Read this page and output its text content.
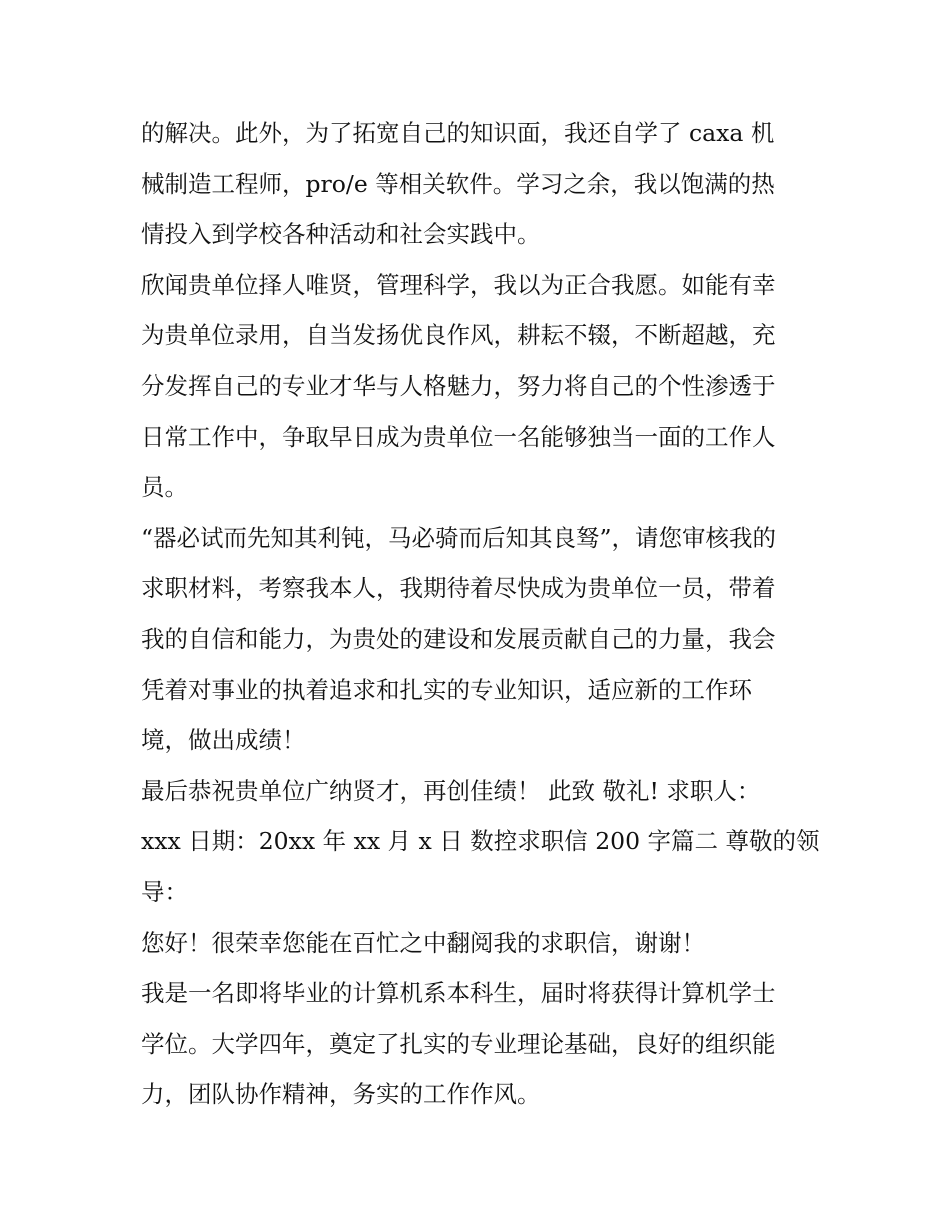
的解决。此外，为了拓宽自己的知识面，我还自学了 caxa 机
械制造工程师，pro/e 等相关软件。学习之余，我以饱满的热
情投入到学校各种活动和社会实践中。
欣闻贵单位择人唯贤，管理科学，我以为正合我愿。如能有幸
为贵单位录用，自当发扬优良作风，耕耘不辍，不断超越，充
分发挥自己的专业才华与人格魅力，努力将自己的个性渗透于
日常工作中，争取早日成为贵单位一名能够独当一面的工作人
员。
“器必试而先知其利钝，马必骑而后知其良驽”，请您审核我的
求职材料，考察我本人，我期待着尽快成为贵单位一员，带着
我的自信和能力，为贵处的建设和发展贡献自己的力量，我会
凭着对事业的执着追求和扎实的专业知识，适应新的工作环
境，做出成绩！
最后恭祝贵单位广纳贤才，再创佳绩！ 此致 敬礼! 求职人：
xxx 日期：20xx 年 xx 月 x 日 数控求职信 200 字篇二 尊敬的领
导：
您好！很荣幸您能在百忙之中翻阅我的求职信，谢谢！
我是一名即将毕业的计算机系本科生，届时将获得计算机学士
学位。大学四年，奠定了扎实的专业理论基础，良好的组织能
力，团队协作精神，务实的工作作风。
